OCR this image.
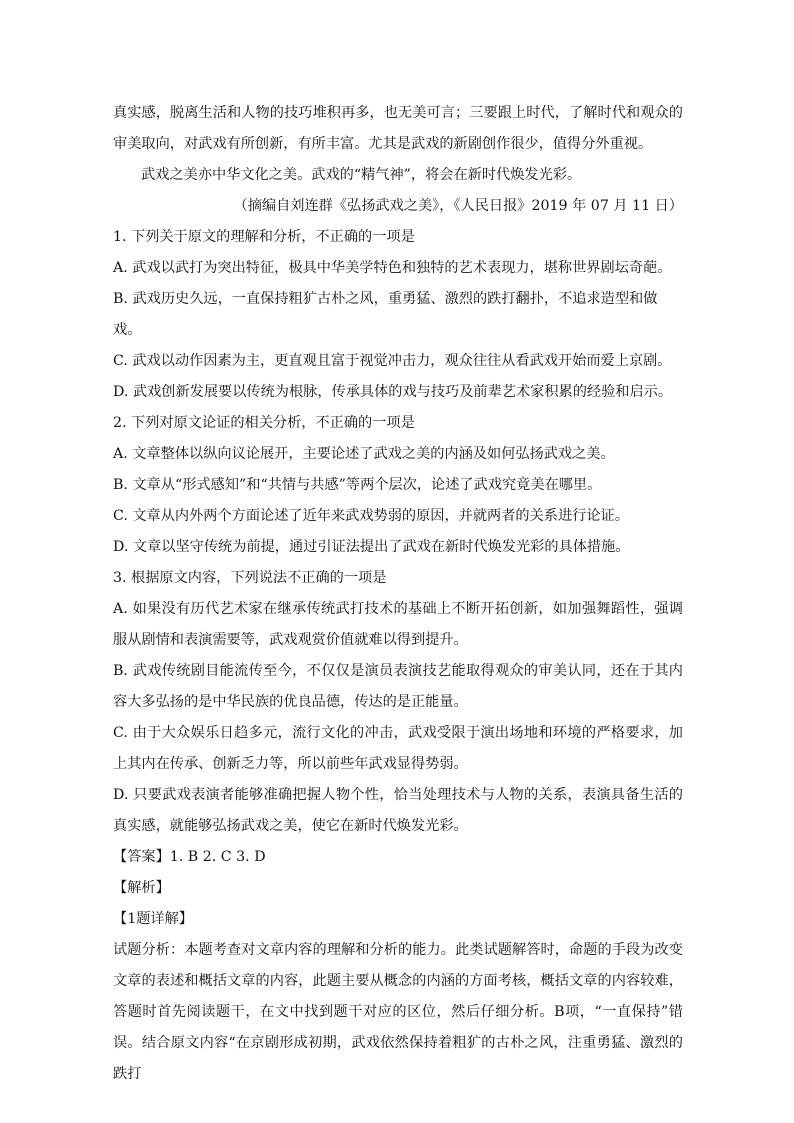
真实感，脱离生活和人物的技巧堆积再多，也无美可言；三要跟上时代，了解时代和观众的审美取向，对武戏有所创新，有所丰富。尤其是武戏的新剧创作很少，值得分外重视。

武戏之美亦中华文化之美。武戏的“精气神”，将会在新时代焕发光彩。

（摘编自刘连群《弘扬武戏之美》，《人民日报》2019 年 07 月 11 日）

1. 下列关于原文的理解和分析，不正确的一项是

A. 武戏以武打为突出特征，极具中华美学特色和独特的艺术表现力，堪称世界剧坛奇葩。

B. 武戏历史久远，一直保持粗犷古朴之风，重勇猛、激烈的跌打翻扑，不追求造型和做戏。

C. 武戏以动作因素为主，更直观且富于视觉冲击力，观众往往从看武戏开始而爱上京剧。

D. 武戏创新发展要以传统为根脉，传承具体的戏与技巧及前辈艺术家积累的经验和启示。

2. 下列对原文论证的相关分析，不正确的一项是

A. 文章整体以纵向议论展开，主要论述了武戏之美的内涵及如何弘扬武戏之美。

B. 文章从“形式感知”和“共情与共感”等两个层次，论述了武戏究竟美在哪里。

C. 文章从内外两个方面论述了近年来武戏势弱的原因，并就两者的关系进行论证。

D. 文章以坚守传统为前提，通过引证法提出了武戏在新时代焕发光彩的具体措施。

3. 根据原文内容，下列说法不正确的一项是

A. 如果没有历代艺术家在继承传统武打技术的基础上不断开拓创新，如加强舞蹈性，强调服从剧情和表演需要等，武戏观赏价值就难以得到提升。

B. 武戏传统剧目能流传至今，不仅仅是演员表演技艺能取得观众的审美认同，还在于其内容大多弘扬的是中华民族的优良品德，传达的是正能量。

C. 由于大众娱乐日趋多元，流行文化的冲击，武戏受限于演出场地和环境的严格要求，加上其内在传承、创新乏力等，所以前些年武戏显得势弱。

D. 只要武戏表演者能够准确把握人物个性，恰当处理技术与人物的关系，表演具备生活的真实感，就能够弘扬武戏之美，使它在新时代焕发光彩。

【答案】1. B 2. C 3. D

【解析】

【1题详解】

试题分析：本题考查对文章内容的理解和分析的能力。此类试题解答时，命题的手段为改变文章的表述和概括文章的内容，此题主要从概念的内涵的方面考核，概括文章的内容较难，答题时首先阅读题干，在文中找到题干对应的区位，然后仔细分析。B项，“一直保持”错误。结合原文内容“在京剧形成初期，武戏依然保持着粗犷的古朴之风，注重勇猛、激烈的跌打
